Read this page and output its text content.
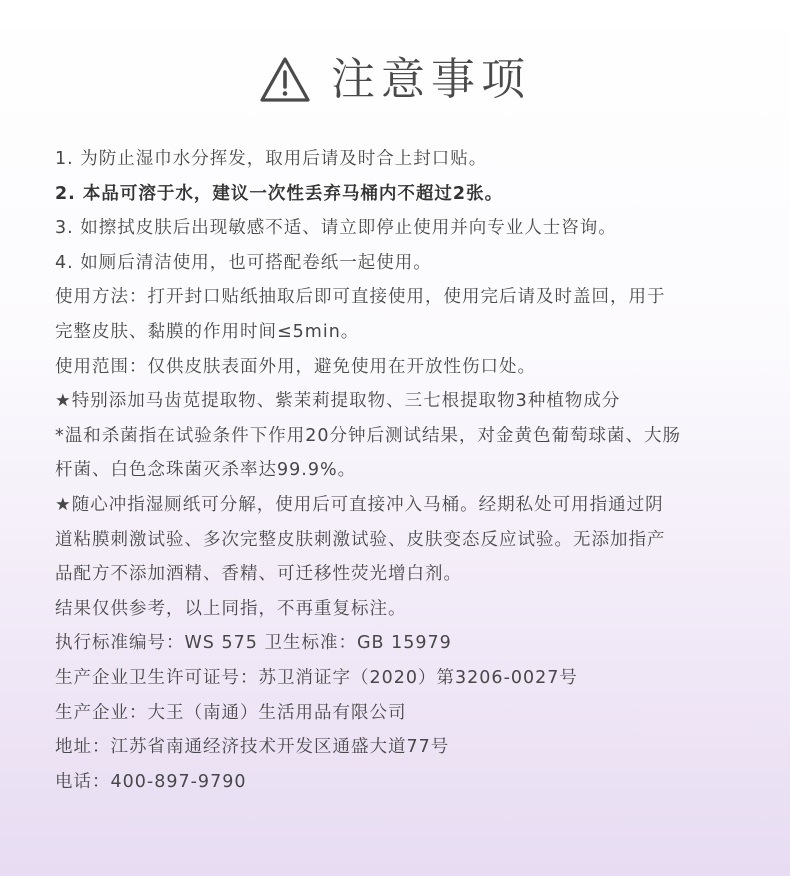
注意事项
1. 为防止湿巾水分挥发，取用后请及时合上封口贴。
2. 本品可溶于水，建议一次性丢弃马桶内不超过2张。
3. 如擦拭皮肤后出现敏感不适、请立即停止使用并向专业人士咨询。
4. 如厕后清洁使用，也可搭配卷纸一起使用。
使用方法：打开封口贴纸抽取后即可直接使用，使用完后请及时盖回，用于
完整皮肤、黏膜的作用时间≤5min。
使用范围：仅供皮肤表面外用，避免使用在开放性伤口处。
★特别添加马齿苋提取物、紫茉莉提取物、三七根提取物3种植物成分
*温和杀菌指在试验条件下作用20分钟后测试结果，对金黄色葡萄球菌、大肠
杆菌、白色念珠菌灭杀率达99.9%。
★随心冲指湿厕纸可分解，使用后可直接冲入马桶。经期私处可用指通过阴
道粘膜刺激试验、多次完整皮肤刺激试验、皮肤变态反应试验。无添加指产
品配方不添加酒精、香精、可迁移性荧光增白剂。
结果仅供参考，以上同指，不再重复标注。
执行标准编号：WS 575 卫生标准：GB 15979
生产企业卫生许可证号：苏卫消证字（2020）第3206-0027号
生产企业：大王（南通）生活用品有限公司
地址：江苏省南通经济技术开发区通盛大道77号
电话：400-897-9790
